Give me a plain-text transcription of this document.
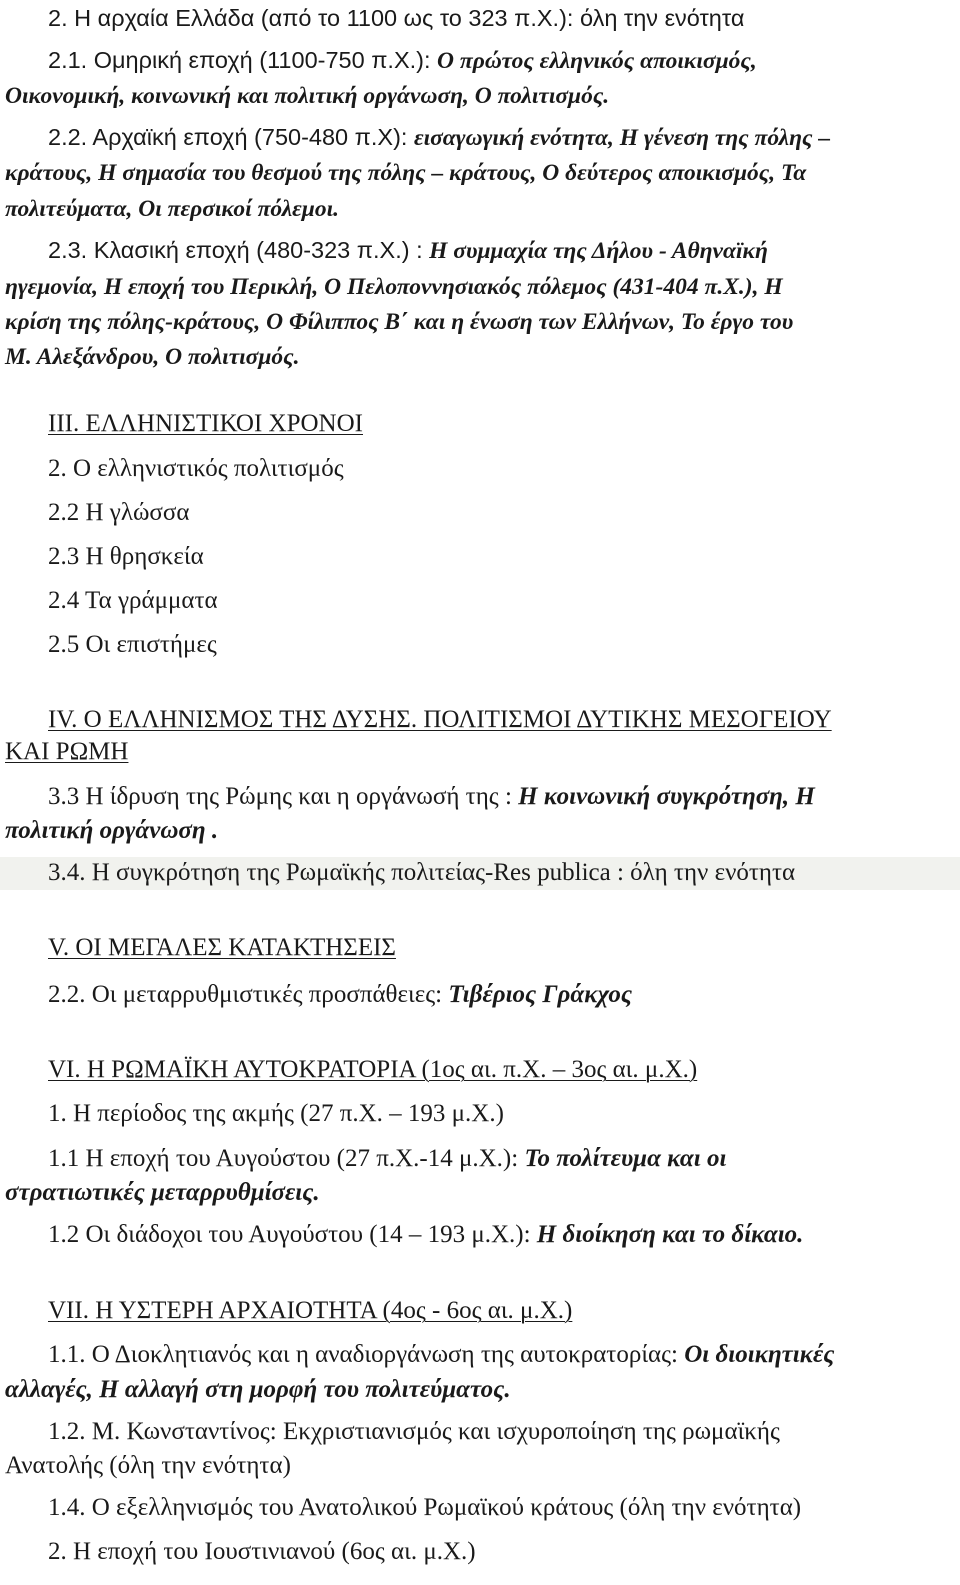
2. Η αρχαία Ελλάδα (από το 1100 ως το 323 π.Χ.): όλη την ενότητα
2.1. Ομηρική εποχή (1100-750 π.Χ.): Ο πρώτος ελληνικός αποικισμός,
Οικονομική, κοινωνική και πολιτική οργάνωση, Ο πολιτισμός.
2.2. Αρχαϊκή εποχή (750-480 π.Χ): εισαγωγική ενότητα, Η γένεση της πόλης –
κράτους, Η σημασία του θεσμού της πόλης – κράτους, Ο δεύτερος αποικισμός, Τα
πολιτεύματα, Οι περσικοί πόλεμοι.
2.3. Κλασική εποχή (480-323 π.Χ.) : Η συμμαχία της Δήλου - Αθηναϊκή
ηγεμονία, Η εποχή του Περικλή, Ο Πελοποννησιακός πόλεμος (431-404 π.Χ.), Η
κρίση της πόλης-κράτους, Ο Φίλιππος Β΄ και η ένωση των Ελλήνων, Το έργο του
Μ. Αλεξάνδρου, Ο πολιτισμός.
ΙΙΙ. ΕΛΛΗΝΙΣΤΙΚΟΙ ΧΡΟΝΟΙ
2. Ο ελληνιστικός πολιτισμός
2.2 Η γλώσσα
2.3 Η θρησκεία
2.4 Τα γράμματα
2.5 Οι επιστήμες
ΙV. Ο ΕΛΛΗΝΙΣΜΟΣ ΤΗΣ ΔΥΣΗΣ. ΠΟΛΙΤΙΣΜΟΙ ΔΥΤΙΚΗΣ ΜΕΣΟΓΕΙΟΥ
ΚΑΙ ΡΩΜΗ
3.3 Η ίδρυση της Ρώμης και η οργάνωσή της : Η κοινωνική συγκρότηση, Η
πολιτική οργάνωση .
3.4. Η συγκρότηση της Ρωμαϊκής πολιτείας-Res publica : όλη την ενότητα
V. ΟΙ ΜΕΓΑΛΕΣ ΚΑΤΑΚΤΗΣΕΙΣ
2.2. Οι μεταρρυθμιστικές προσπάθειες: Τιβέριος Γράκχος
VI. Η ΡΩΜΑΪΚΗ ΑΥΤΟΚΡΑΤΟΡΙΑ (1ος αι. π.Χ. – 3ος αι. μ.Χ.)
1. Η περίοδος της ακμής (27 π.Χ. – 193 μ.Χ.)
1.1 Η εποχή του Αυγούστου (27 π.Χ.-14 μ.Χ.): Το πολίτευμα και οι
στρατιωτικές μεταρρυθμίσεις.
1.2 Οι διάδοχοι του Αυγούστου (14 – 193 μ.Χ.): Η διοίκηση και το δίκαιο.
VII. Η ΥΣΤΕΡΗ ΑΡΧΑΙΟΤΗΤΑ (4ος - 6ος αι. μ.Χ.)
1.1. Ο Διοκλητιανός και η αναδιοργάνωση της αυτοκρατορίας: Οι διοικητικές
αλλαγές, Η αλλαγή στη μορφή του πολιτεύματος.
1.2. Μ. Κωνσταντίνος: Εκχριστιανισμός και ισχυροποίηση της ρωμαϊκής
Ανατολής (όλη την ενότητα)
1.4. Ο εξελληνισμός του Ανατολικού Ρωμαϊκού κράτους (όλη την ενότητα)
2. Η εποχή του Ιουστινιανού (6ος αι. μ.Χ.)
